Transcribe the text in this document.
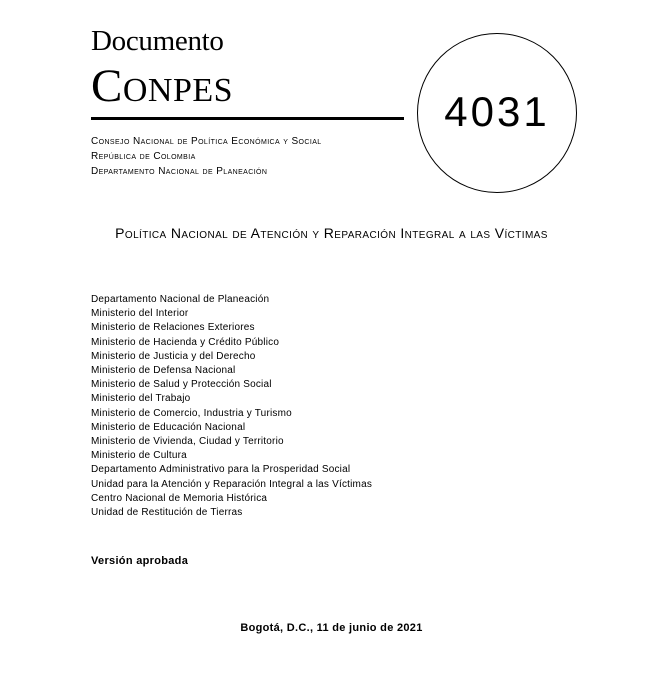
Documento
CONPES	4031
Consejo Nacional de Política Económica y Social
República de Colombia
Departamento Nacional de Planeación
Política Nacional de Atención y Reparación Integral a las Víctimas
Departamento Nacional de Planeación
Ministerio del Interior
Ministerio de Relaciones Exteriores
Ministerio de Hacienda y Crédito Público
Ministerio de Justicia y del Derecho
Ministerio de Defensa Nacional
Ministerio de Salud y Protección Social
Ministerio del Trabajo
Ministerio de Comercio, Industria y Turismo
Ministerio de Educación Nacional
Ministerio de Vivienda, Ciudad y Territorio
Ministerio de Cultura
Departamento Administrativo para la Prosperidad Social
Unidad para la Atención y Reparación Integral a las Víctimas
Centro Nacional de Memoria Histórica
Unidad de Restitución de Tierras
Versión aprobada
Bogotá, D.C., 11 de junio de 2021
